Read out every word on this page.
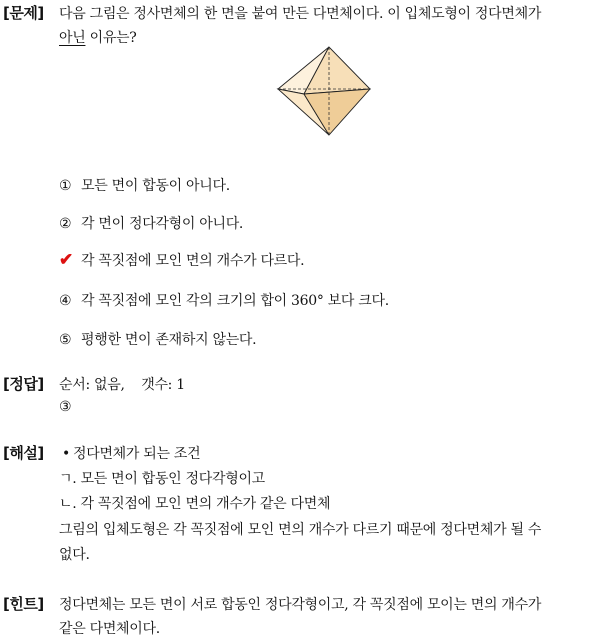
[문제] 다음 그림은 정사면체의 한 면을 붙여 만든 다면체이다. 이 입체도형이 정다면체가
아닌 이유는?
① 모든 면이 합동이 아니다.
② 각 면이 정다각형이 아니다.
✔ 각 꼭짓점에 모인 면의 개수가 다르다.
④ 각 꼭짓점에 모인 각의 크기의 합이 360° 보다 크다.
⑤ 평행한 면이 존재하지 않는다.
[정답] 순서: 없음,    갯수: 1
③
[해설] • 정다면체가 되는 조건
ㄱ. 모든 면이 합동인 정다각형이고
ㄴ. 각 꼭짓점에 모인 면의 개수가 같은 다면체
그림의 입체도형은 각 꼭짓점에 모인 면의 개수가 다르기 때문에 정다면체가 될 수
없다.
[힌트] 정다면체는 모든 면이 서로 합동인 정다각형이고, 각 꼭짓점에 모이는 면의 개수가
같은 다면체이다.
